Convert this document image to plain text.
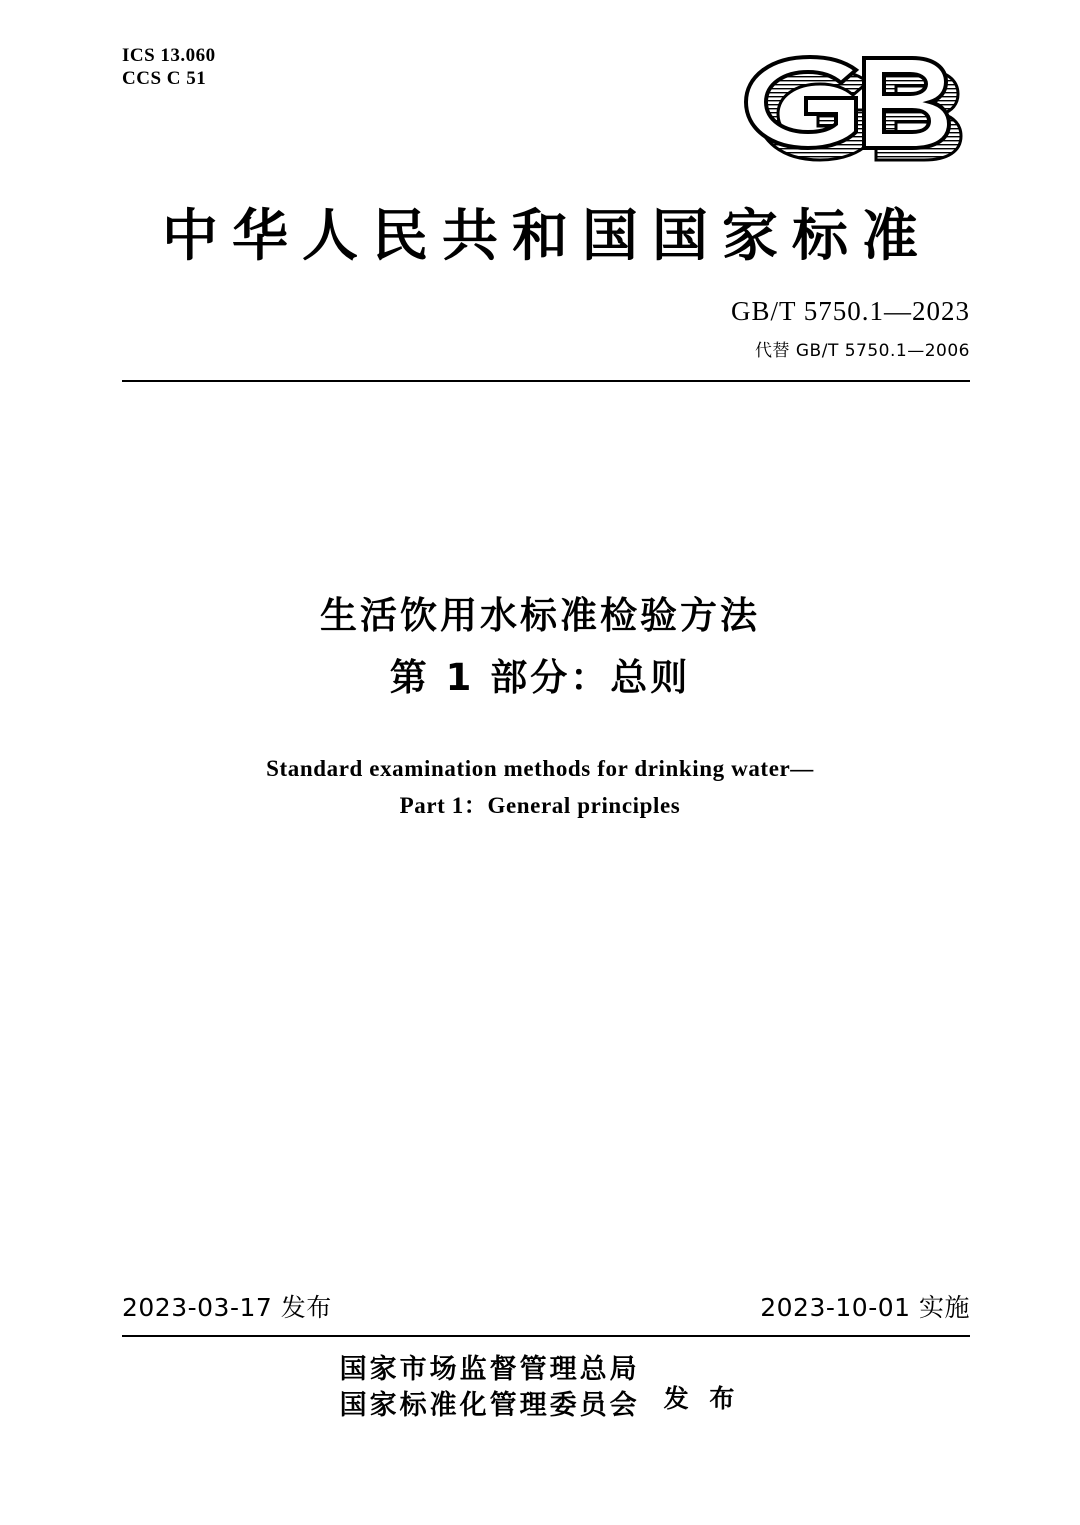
ICS 13.060
CCS C 51
中华人民共和国国家标准
GB/T 5750.1—2023
代替 GB/T 5750.1—2006
生活饮用水标准检验方法
第 1 部分：总则
Standard examination methods for drinking water—
Part 1：General principles
2023-03-17 发布	2023-10-01 实施
国家市场监督管理总局
国家标准化管理委员会 发 布
